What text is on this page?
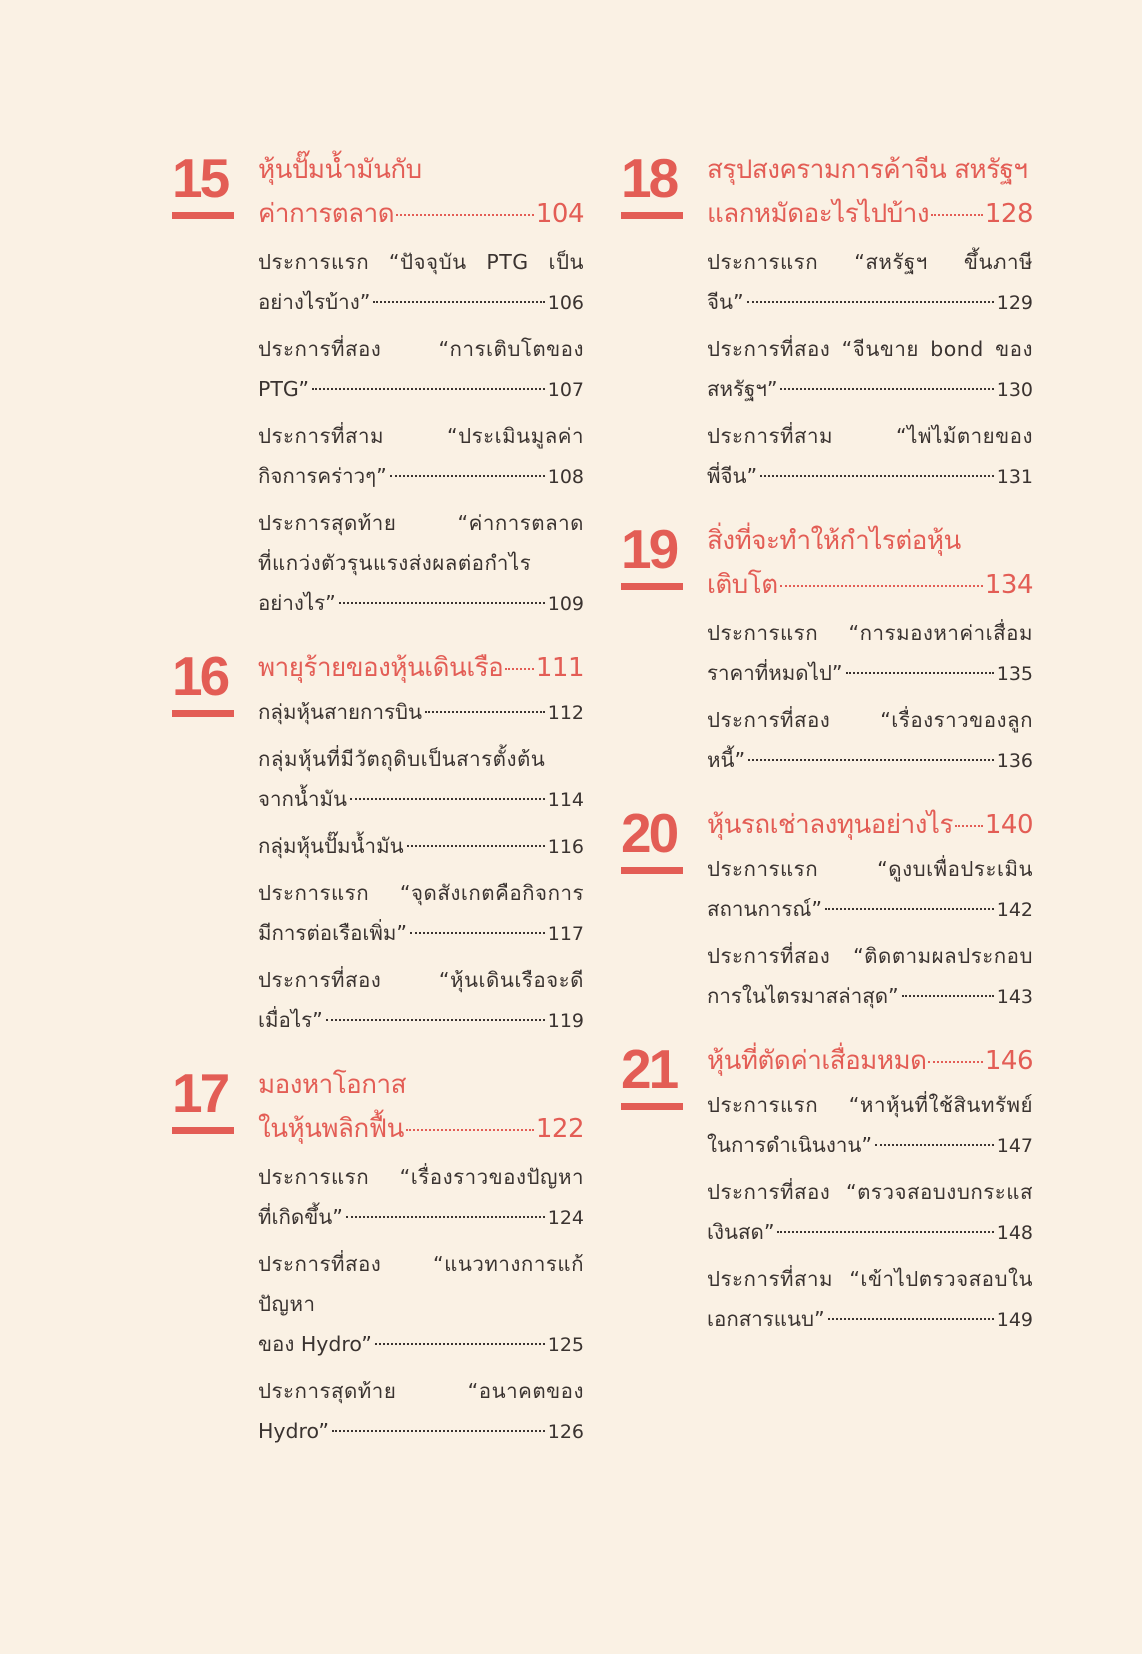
15 หุ้นปั๊มน้ำมันกับ
ค่าการตลาด	104
ประการแรก “ปัจจุบัน PTG เป็น
อย่างไรบ้าง”	106
ประการที่สอง “การเติบโตของ
PTG”	107
ประการที่สาม “ประเมินมูลค่า
กิจการคร่าวๆ”	108
ประการสุดท้าย “ค่าการตลาด
ที่แกว่งตัวรุนแรงส่งผลต่อกำไร
อย่างไร”	109
16 พายุร้ายของหุ้นเดินเรือ 111
กลุ่มหุ้นสายการบิน	112
กลุ่มหุ้นที่มีวัตถุดิบเป็นสารตั้งต้น
จากน้ำมัน	114
กลุ่มหุ้นปั๊มน้ำมัน	116
ประการแรก “จุดสังเกตคือกิจการ
มีการต่อเรือเพิ่ม”	117
ประการที่สอง “หุ้นเดินเรือจะดี
เมื่อไร”	119
17 มองหาโอกาส
ในหุ้นพลิกฟื้น	122
ประการแรก “เรื่องราวของปัญหา
ที่เกิดขึ้น”	124
ประการที่สอง “แนวทางการแก้ปัญหา
ของ Hydro”	125
ประการสุดท้าย “อนาคตของ
Hydro”	126
18 สรุปสงครามการค้าจีน สหรัฐฯ
แลกหมัดอะไรไปบ้าง 128
ประการแรก “สหรัฐฯ ขึ้นภาษี
จีน”	129
ประการที่สอง “จีนขาย bond ของ
สหรัฐฯ”	130
ประการที่สาม “ไพ่ไม้ตายของ
พี่จีน”	131
19 สิ่งที่จะทำให้กำไรต่อหุ้น
เติบโต	134
ประการแรก “การมองหาค่าเสื่อม
ราคาที่หมดไป”	135
ประการที่สอง “เรื่องราวของลูก
หนี้”	136
20 หุ้นรถเช่าลงทุนอย่างไร 140
ประการแรก “ดูงบเพื่อประเมิน
สถานการณ์”	142
ประการที่สอง “ติดตามผลประกอบ
การในไตรมาสล่าสุด”	143
21 หุ้นที่ตัดค่าเสื่อมหมด 146
ประการแรก “หาหุ้นที่ใช้สินทรัพย์
ในการดำเนินงาน”	147
ประการที่สอง “ตรวจสอบงบกระแส
เงินสด”	148
ประการที่สาม “เข้าไปตรวจสอบใน
เอกสารแนบ”	149
